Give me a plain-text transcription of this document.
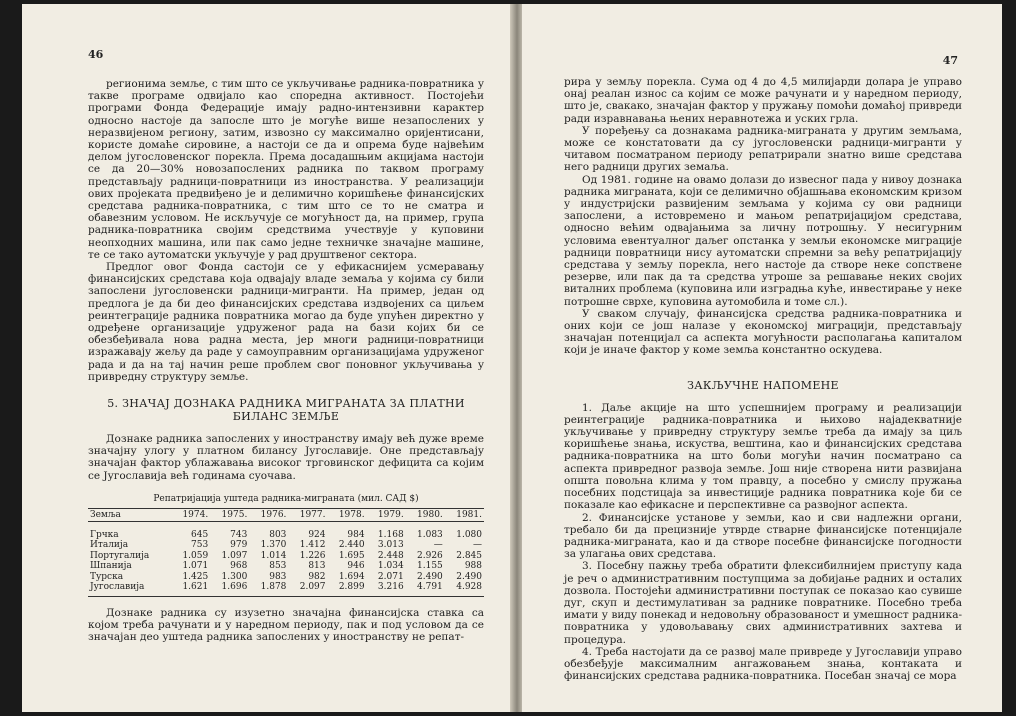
46

регионима земље, с тим што се укључивање радника-повратника у такве програме одвијало као споредна активност. Постојећи програми Фонда Федерације имају радно-интензивни карактер односно настоје да запосле што је могуће више незапослених у неразвијеном региону, затим, извозно су максимално оријентисани, користе домаће сировине, а настоји се да и опрема буде највећим делом југословенског порекла. Према досадашњим акцијама настоји се да 20—30% новозапослених радника по таквом програму представљају радници-повратници из иностранства. У реализацији ових пројеката предвиђено је и делимично коришћење финансијских средстава радника-повратника, с тим што се то не сматра и обавезним условом. Не искључује се могућност да, на пример, група радника-повратника својим средствима учествује у куповини неопходних машина, или пак само једне техничке значајне машине, те се тако аутоматски укључује у рад друштвеног сектора.

Предлог овог Фонда састоји се у ефикаснијем усмеравању финансијских средстава која одвајају владе земаља у којима су били запослени југословенски радници-мигранти. На пример, један од предлога је да би део финансијских средстава издвојених са циљем реинтеграције радника повратника могао да буде упућен директно у одређене организације удруженог рада на бази којих би се обезбеђивала нова радна места, јер многи радници-повратници изражавају жељу да раде у самоуправним организацијама удруженог рада и да на тај начин реше проблем свог поновног укључивања у привредну структуру земље.

5. ЗНАЧАЈ ДОЗНАКА РАДНИКА МИГРАНАТА ЗА ПЛАТНИ БИЛАНС ЗЕМЉЕ

Дознаке радника запослених у иностранству имају већ дуже време значајну улогу у платном билансу Југославије. Оне представљају значајан фактор ублажавања високог трговинског дефицита са којим се Југославија већ годинама суочава.

Репатријација уштеда радника-миграната (мил. САД $)
Земља	1974.	1975.	1976.	1977.	1978.	1979.	1980.	1981.
Грчка	645	743	803	924	984	1.168	1.083	1.080
Италија	753	979	1.370	1.412	2.440	3.013	—	—
Португалија	1.059	1.097	1.014	1.226	1.695	2.448	2.926	2.845
Шпанија	1.071	968	853	813	946	1.034	1.155	988
Турска	1.425	1.300	983	982	1.694	2.071	2.490	2.490
Југославија	1.621	1.696	1.878	2.097	2.899	3.216	4.791	4.928

Дознаке радника су изузетно значајна финансијска ставка са којом треба рачунати и у наредном периоду, пак и под условом да се значајан део уштеда радника запослених у иностранству не репат-

47

рира у земљу порекла. Сума од 4 до 4,5 милијарди долара је управо онај реалан износ са којим се може рачунати и у наредном периоду, што је, свакако, значајан фактор у пружању помоћи домаћој привреди ради изравнавања њених неравнотежа и уских грла.

У поређењу са дознакама радника-миграната у другим земљама, може се констатовати да су југословенски радници-мигранти у читавом посматраном периоду репатрирали знатно више средстава него радници других земаља.

Од 1981. године на овамо долази до извесног пада у нивоу дознака радника миграната, који се делимично објашњава економским кризом у индустријски развијеним земљама у којима су ови радници запослени, а истовремено и мањом репатријацијом средстава, односно већим одвајањима за личну потрошњу. У несигурним условима евентуалног даљег опстанка у земљи економске миграције радници повратници нису аутоматски спремни за већу репатријацију средстава у земљу порекла, него настоје да створе неке сопствене резерве, или пак да та средства утроше за решавање неких својих виталних проблема (куповина или изградња куће, инвестирање у неке потрошне сврхе, куповина аутомобила и томе сл.).

У сваком случају, финансијска средства радника-повратника и оних који се још налазе у економској миграцији, представљају значајан потенцијал са аспекта могућности располагања капиталом који је иначе фактор у коме земља константно оскудева.

ЗАКЉУЧНЕ НАПОМЕНЕ

1. Даље акције на што успешнијем програму и реализацији реинтеграције радника-повратника и њихово најадекватније укључивање у привредну структуру земље треба да имају за циљ коришћење знања, искуства, вештина, као и финансијских средстава радника-повратника на што бољи могући начин посматрано са аспекта привредног развоја земље. Још није створена нити развијана општа повољна клима у том правцу, а посебно у смислу пружања посебних подстицаја за инвестиције радника повратника које би се показале као ефикасне и перспективне са развојног аспекта.

2. Финансијске установе у земљи, као и сви надлежни органи, требало би да прецизније утврде стварне финансијске потенцијале радника-миграната, као и да створе посебне финансијске погодности за улагања ових средстава.

3. Посебну пажњу треба обратити флексибилнијем приступу када је реч о административним поступцима за добијање радних и осталих дозвола. Постојећи административни поступак се показао као сувише дуг, скуп и дестимулативан за раднике повратнике. Посебно треба имати у виду понекад и недовољну образованост и умешност радника-повратника у удовољавању свих административних захтева и процедура.

4. Треба настојати да се развој мале привреде у Југославији управо обезбеђује максималним ангажовањем знања, контаката и финансијских средстава радника-повратника. Посебан значај се мора
